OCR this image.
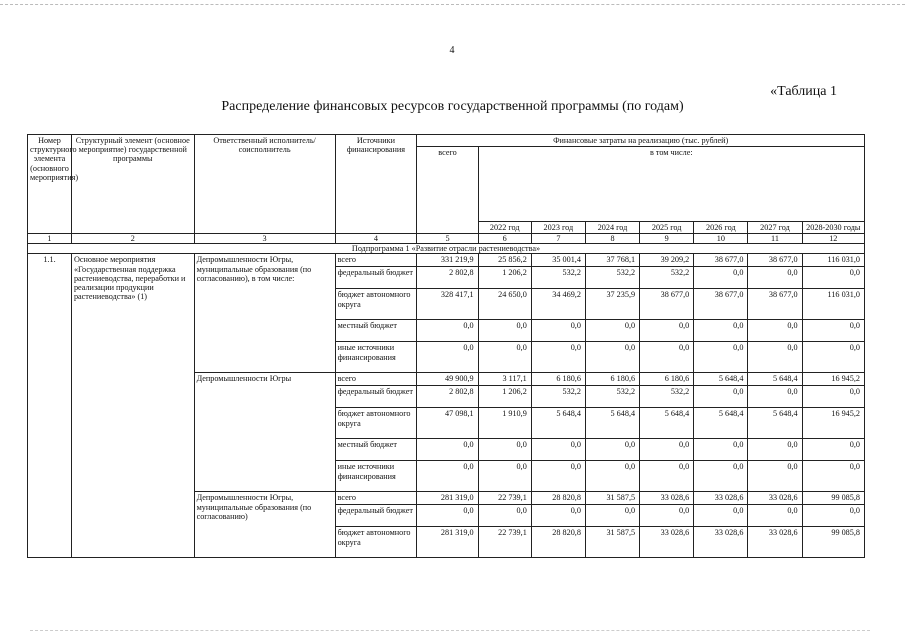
4
«Таблица 1
Распределение финансовых ресурсов государственной программы (по годам)
Номер структурного элемента (основного мероприятия)	Структурный элемент (основное мероприятие) государственной программы	Ответственный исполнитель/ соисполнитель	Источники финансирования	Финансовые затраты на реализацию (тыс. рублей)							
				всего	в том числе:						
					2022 год	2023 год	2024 год	2025 год	2026 год	2027 год	2028-2030 годы
1	2	3	4	5	6	7	8	9	10	11	12
Подпрограмма 1 «Развитие отрасли растениеводства»											
1.1.	Основное мероприятия «Государственная поддержка растениеводства, переработки и реализации продукции растениеводства» (1)	Депромышленности Югры, муниципальные образования (по согласованию), в том числе:	всего	331 219,9	25 856,2	35 001,4	37 768,1	39 209,2	38 677,0	38 677,0	116 031,0
			федеральный бюджет	2 802,8	1 206,2	532,2	532,2	532,2	0,0	0,0	0,0
			бюджет автономного округа	328 417,1	24 650,0	34 469,2	37 235,9	38 677,0	38 677,0	38 677,0	116 031,0
			местный бюджет	0,0	0,0	0,0	0,0	0,0	0,0	0,0	0,0
			иные источники финансирования	0,0	0,0	0,0	0,0	0,0	0,0	0,0	0,0
		Депромышленности Югры	всего	49 900,9	3 117,1	6 180,6	6 180,6	6 180,6	5 648,4	5 648,4	16 945,2
			федеральный бюджет	2 802,8	1 206,2	532,2	532,2	532,2	0,0	0,0	0,0
			бюджет автономного округа	47 098,1	1 910,9	5 648,4	5 648,4	5 648,4	5 648,4	5 648,4	16 945,2
			местный бюджет	0,0	0,0	0,0	0,0	0,0	0,0	0,0	0,0
			иные источники финансирования	0,0	0,0	0,0	0,0	0,0	0,0	0,0	0,0
		Депромышленности Югры, муниципальные образования (по согласованию)	всего	281 319,0	22 739,1	28 820,8	31 587,5	33 028,6	33 028,6	33 028,6	99 085,8
			федеральный бюджет	0,0	0,0	0,0	0,0	0,0	0,0	0,0	0,0
			бюджет автономного округа	281 319,0	22 739,1	28 820,8	31 587,5	33 028,6	33 028,6	33 028,6	99 085,8
